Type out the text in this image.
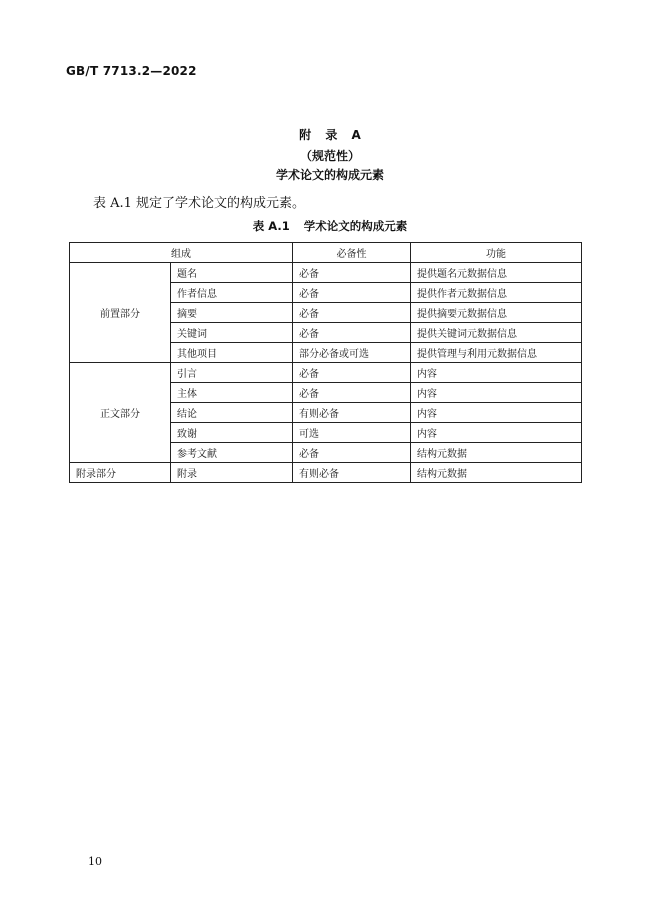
GB/T 7713.2—2022
附 录 A
（规范性）
学术论文的构成元素
表 A.1 规定了学术论文的构成元素。
表 A.1 学术论文的构成元素
组成		必备性	功能
前置部分	题名	必备	提供题名元数据信息
	作者信息	必备	提供作者元数据信息
	摘要	必备	提供摘要元数据信息
	关键词	必备	提供关键词元数据信息
	其他项目	部分必备或可选	提供管理与利用元数据信息
正文部分	引言	必备	内容
	主体	必备	内容
	结论	有则必备	内容
	致谢	可选	内容
	参考文献	必备	结构元数据
附录部分	附录	有则必备	结构元数据
10
